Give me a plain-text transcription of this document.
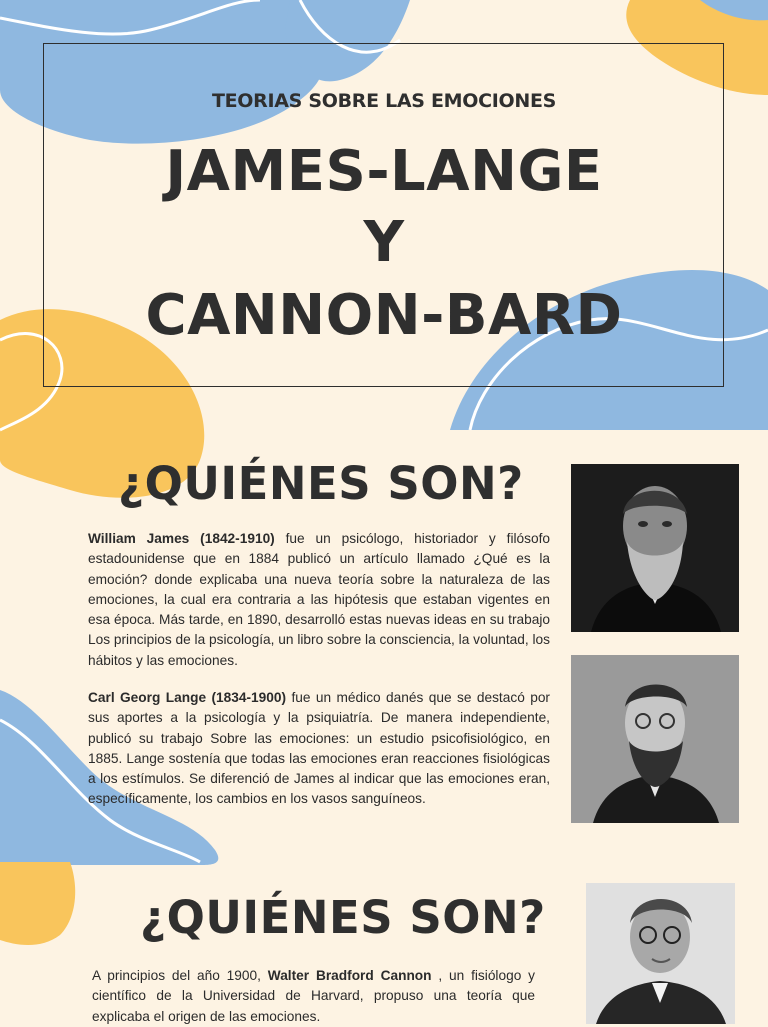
TEORIAS SOBRE LAS EMOCIONES
JAMES-LANGE
Y
CANNON-BARD
¿QUIÉNES SON?

William James (1842-1910) fue un psicólogo, historiador y filósofo estadounidense que en 1884 publicó un artículo llamado ¿Qué es la emoción? donde explicaba una nueva teoría sobre la naturaleza de las emociones, la cual era contraria a las hipótesis que estaban vigentes en esa época. Más tarde, en 1890, desarrolló estas nuevas ideas en su trabajo Los principios de la psicología, un libro sobre la consciencia, la voluntad, los hábitos y las emociones.

Carl Georg Lange (1834-1900) fue un médico danés que se destacó por sus aportes a la psicología y la psiquiatría. De manera independiente, publicó su trabajo Sobre las emociones: un estudio psicofisiológico, en 1885. Lange sostenía que todas las emociones eran reacciones fisiológicas a los estímulos. Se diferenció de James al indicar que las emociones eran, específicamente, los cambios en los vasos sanguíneos.

¿QUIÉNES SON?

A principios del año 1900, Walter Bradford Cannon , un fisiólogo y científico de la Universidad de Harvard, propuso una teoría que explicaba el origen de las emociones.
